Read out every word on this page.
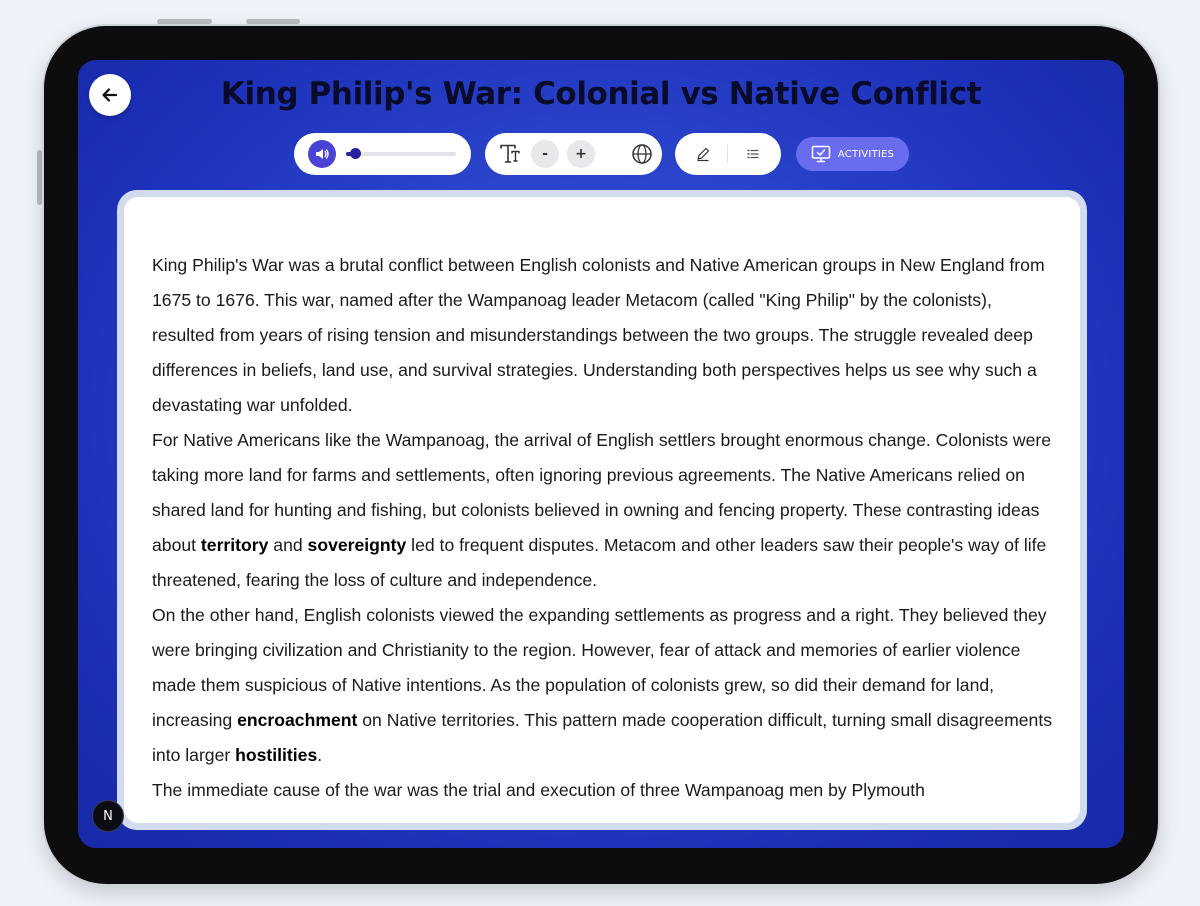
King Philip's War: Colonial vs Native Conflict
-	+	ACTIVITIES

King Philip's War was a brutal conflict between English colonists and Native American groups in New England from 1675 to 1676. This war, named after the Wampanoag leader Metacom (called "King Philip" by the colonists), resulted from years of rising tension and misunderstandings between the two groups. The struggle revealed deep differences in beliefs, land use, and survival strategies. Understanding both perspectives helps us see why such a devastating war unfolded.

For Native Americans like the Wampanoag, the arrival of English settlers brought enormous change. Colonists were taking more land for farms and settlements, often ignoring previous agreements. The Native Americans relied on shared land for hunting and fishing, but colonists believed in owning and fencing property. These contrasting ideas about territory and sovereignty led to frequent disputes. Metacom and other leaders saw their people's way of life threatened, fearing the loss of culture and independence.

On the other hand, English colonists viewed the expanding settlements as progress and a right. They believed they were bringing civilization and Christianity to the region. However, fear of attack and memories of earlier violence made them suspicious of Native intentions. As the population of colonists grew, so did their demand for land, increasing encroachment on Native territories. This pattern made cooperation difficult, turning small disagreements into larger hostilities.

The immediate cause of the war was the trial and execution of three Wampanoag men by Plymouth

N
